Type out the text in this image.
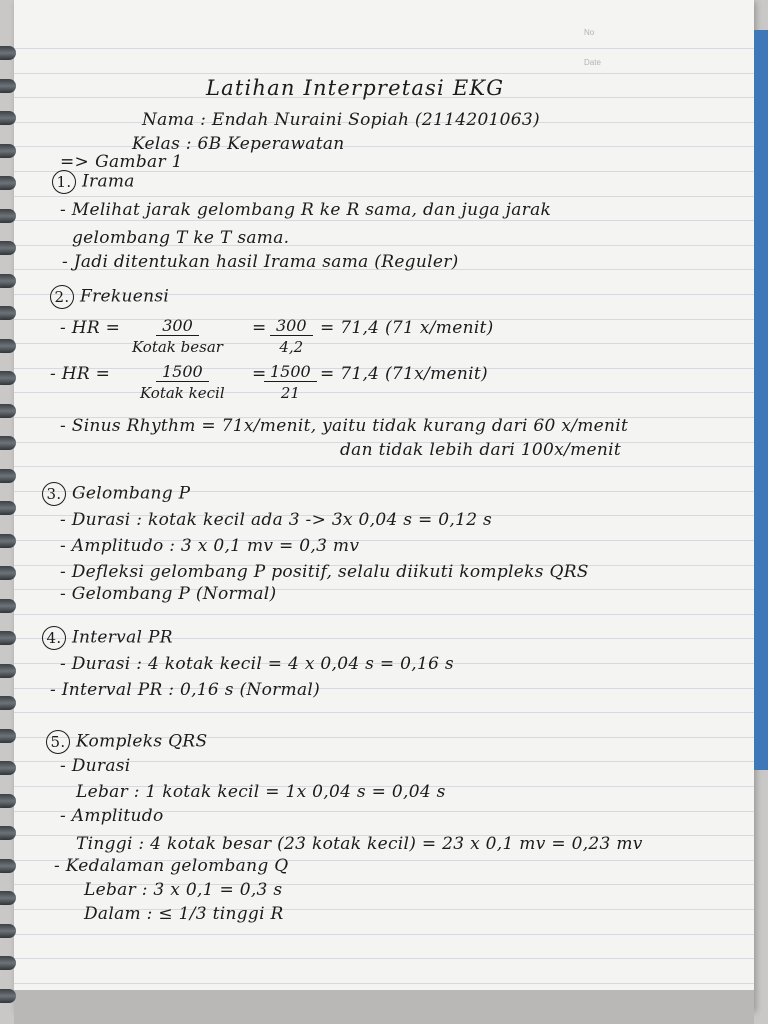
No
Date
Latihan Interpretasi EKG
Nama : Endah Nuraini Sopiah (2114201063)
Kelas : 6B Keperawatan
=> Gambar 1
1. Irama
- Melihat jarak gelombang R ke R sama, dan juga jarak
gelombang T ke T sama.
- Jadi ditentukan hasil Irama sama (Reguler)
2. Frekuensi
- HR =	300
Kotak besar
= $\frac{300}{4,2} = 71,4$ (71 x/menit)
- HR =	1500
Kotak kecil
=
$\frac{1500}{21} = 71,4$ (71x/menit)
- Sinus Rhythm = 71x/menit, yaitu tidak kurang dari 60 x/menit
dan tidak lebih dari 100x/menit
3. Gelombang P
- Durasi : kotak kecil ada 3 -> 3x 0,04 s = 0,12 s
- Amplitudo : 3 x 0,1 mv = 0,3 mv
- Defleksi gelombang P positif, selalu diikuti kompleks QRS
- Gelombang P (Normal)
4. Interval PR
- Durasi : 4 kotak kecil = 4 x 0,04 s = 0,16 s
- Interval PR : 0,16 s (Normal)
5. Kompleks QRS
- Durasi
Lebar : 1 kotak kecil = 1x 0,04 s = 0,04 s
- Amplitudo
Tinggi : 4 kotak besar (23 kotak kecil) = 23 x 0,1 mv = 0,23 mv
- Kedalaman gelombang Q
Lebar : 3 x 0,1 = 0,3 s
Dalam : ≤ 1/3 tinggi R
